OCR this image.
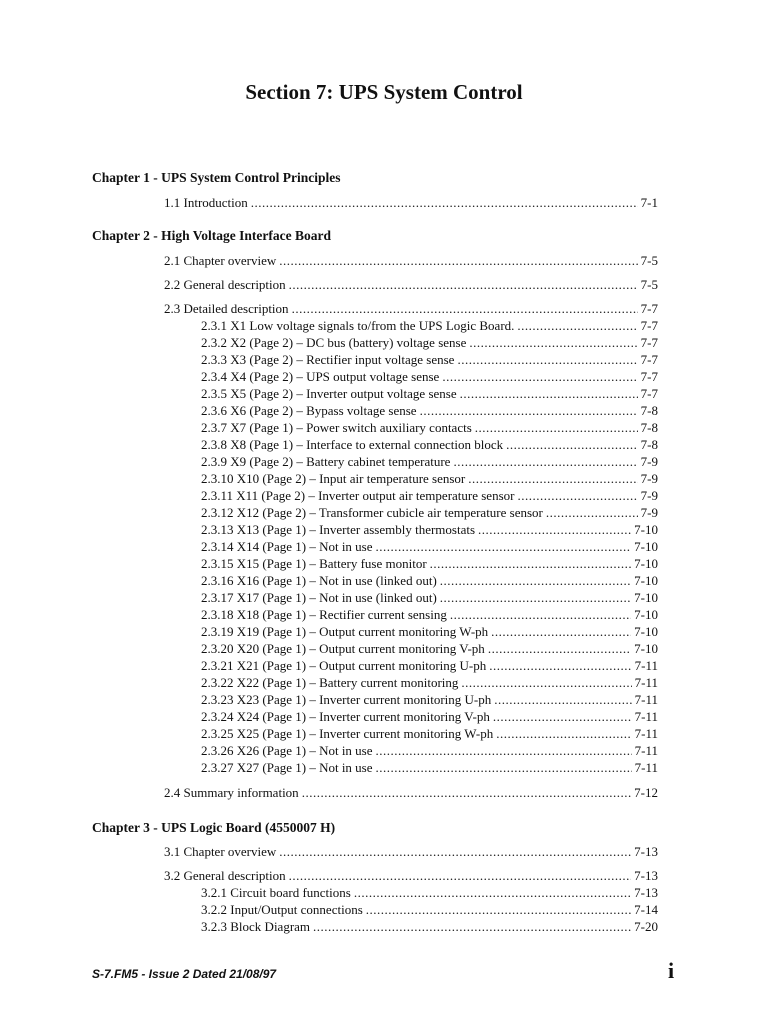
Section 7: UPS System Control
Chapter 1 - UPS System Control Principles
1.1 Introduction .....	7-1
Chapter 2 - High Voltage Interface Board
2.1 Chapter overview .....	7-5
2.2 General description .....	7-5
2.3 Detailed description .....	7-7
2.3.1 X1 Low voltage signals to/from the UPS Logic Board. .....	7-7
2.3.2 X2 (Page 2) – DC bus (battery) voltage sense .....	7-7
2.3.3 X3 (Page 2) – Rectifier input voltage sense .....	7-7
2.3.4 X4 (Page 2) – UPS output voltage sense .....	7-7
2.3.5 X5 (Page 2) – Inverter output voltage sense .....	7-7
2.3.6 X6 (Page 2) – Bypass voltage sense .....	7-8
2.3.7 X7 (Page 1) – Power switch auxiliary contacts .....	7-8
2.3.8 X8 (Page 1) – Interface to external connection block .....	7-8
2.3.9 X9 (Page 2) – Battery cabinet temperature .....	7-9
2.3.10 X10 (Page 2) – Input air temperature sensor .....	7-9
2.3.11 X11 (Page 2) – Inverter output air temperature sensor .....	7-9
2.3.12 X12 (Page 2) – Transformer cubicle air temperature sensor .....	7-9
2.3.13 X13 (Page 1) – Inverter assembly thermostats .....	7-10
2.3.14 X14 (Page 1) – Not in use .....	7-10
2.3.15 X15 (Page 1) – Battery fuse monitor .....	7-10
2.3.16 X16 (Page 1) – Not in use (linked out) .....	7-10
2.3.17 X17 (Page 1) – Not in use (linked out) .....	7-10
2.3.18 X18 (Page 1) – Rectifier current sensing .....	7-10
2.3.19 X19 (Page 1) – Output current monitoring W-ph .....	7-10
2.3.20 X20 (Page 1) – Output current monitoring V-ph .....	7-10
2.3.21 X21 (Page 1) – Output current monitoring U-ph .....	7-11
2.3.22 X22 (Page 1) – Battery current monitoring .....	7-11
2.3.23 X23 (Page 1) – Inverter current monitoring U-ph .....	7-11
2.3.24 X24 (Page 1) – Inverter current monitoring V-ph .....	7-11
2.3.25 X25 (Page 1) – Inverter current monitoring W-ph .....	7-11
2.3.26 X26 (Page 1) – Not in use .....	7-11
2.3.27 X27 (Page 1) – Not in use .....	7-11
2.4 Summary information .....	7-12
Chapter 3 - UPS Logic Board (4550007 H)
3.1 Chapter overview .....	7-13
3.2 General description .....	7-13
3.2.1 Circuit board functions .....	7-13
3.2.2 Input/Output connections .....	7-14
3.2.3 Block Diagram .....	7-20
S-7.FM5 - Issue 2 Dated 21/08/97	i
